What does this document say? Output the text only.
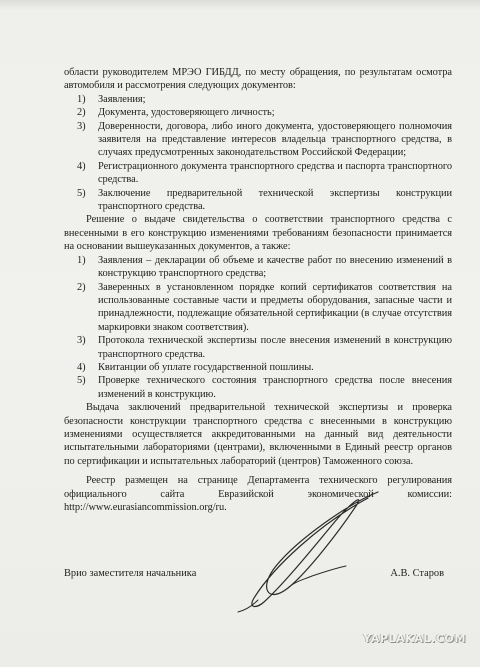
области руководителем МРЭО ГИБДД, по месту обращения, по результатам осмотра автомобиля и рассмотрения следующих документов:

1) Заявления;
2) Документа, удостоверяющего личность;
3) Доверенности, договора, либо иного документа, удостоверяющего полномочия заявителя на представление интересов владельца транспортного средства, в случаях предусмотренных законодательством Российской Федерации;
4) Регистрационного документа транспортного средства и паспорта транспортного средства.
5) Заключение предварительной технической экспертизы конструкции транспортного средства.

Решение о выдаче свидетельства о соответствии транспортного средства с внесенными в его конструкцию изменениями требованиям безопасности принимается на основании вышеуказанных документов, а также:

1) Заявления – декларации об объеме и качестве работ по внесению изменений в конструкцию транспортного средства;
2) Заверенных в установленном порядке копий сертификатов соответствия на использованные составные части и предметы оборудования, запасные части и принадлежности, подлежащие обязательной сертификации (в случае отсутствия маркировки знаком соответствия).
3) Протокола технической экспертизы после внесения изменений в конструкцию транспортного средства.
4) Квитанции об уплате государственной пошлины.
5) Проверке технического состояния транспортного средства после внесения изменений в конструкцию.

Выдача заключений предварительной технической экспертизы и проверка безопасности конструкции транспортного средства с внесенными в конструкцию изменениями осуществляется аккредитованными на данный вид деятельности испытательными лабораториями (центрами), включенными в Единый реестр органов по сертификации и испытательных лабораторий (центров) Таможенного союза.

Реестр размещен на странице Департамента технического регулирования официального сайта Евразийской экономической комиссии: http://www.eurasiancommission.org/ru.

Врио заместителя начальника	А.В. Старов
YAPLAKAL.COM
